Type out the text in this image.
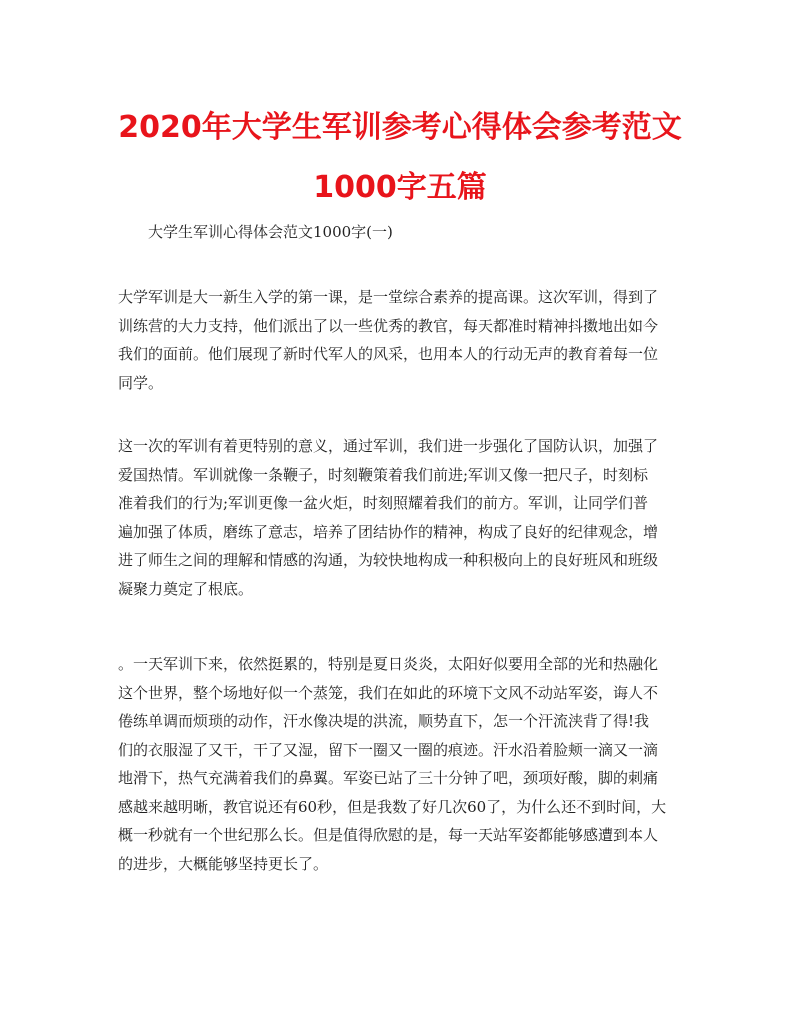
2020年大学生军训参考心得体会参考范文
1000字五篇

大学生军训心得体会范文1000字(一)

大学军训是大一新生入学的第一课，是一堂综合素养的提高课。这次军训，得到了
训练营的大力支持，他们派出了以一些优秀的教官，每天都准时精神抖擞地出如今
我们的面前。他们展现了新时代军人的风采，也用本人的行动无声的教育着每一位
同学。

这一次的军训有着更特别的意义，通过军训，我们进一步强化了国防认识，加强了
爱国热情。军训就像一条鞭子，时刻鞭策着我们前进;军训又像一把尺子，时刻标
准着我们的行为;军训更像一盆火炬，时刻照耀着我们的前方。军训，让同学们普
遍加强了体质，磨练了意志，培养了团结协作的精神，构成了良好的纪律观念，增
进了师生之间的理解和情感的沟通，为较快地构成一种积极向上的良好班风和班级
凝聚力奠定了根底。

。一天军训下来，依然挺累的，特别是夏日炎炎，太阳好似要用全部的光和热融化
这个世界，整个场地好似一个蒸笼，我们在如此的环境下文风不动站军姿，诲人不
倦练单调而烦琐的动作，汗水像决堤的洪流，顺势直下，怎一个汗流浃背了得!我
们的衣服湿了又干，干了又湿，留下一圈又一圈的痕迹。汗水沿着脸颊一滴又一滴
地滑下，热气充满着我们的鼻翼。军姿已站了三十分钟了吧，颈项好酸，脚的刺痛
感越来越明晰，教官说还有60秒，但是我数了好几次60了，为什么还不到时间，大
概一秒就有一个世纪那么长。但是值得欣慰的是，每一天站军姿都能够感遭到本人
的进步，大概能够坚持更长了。
